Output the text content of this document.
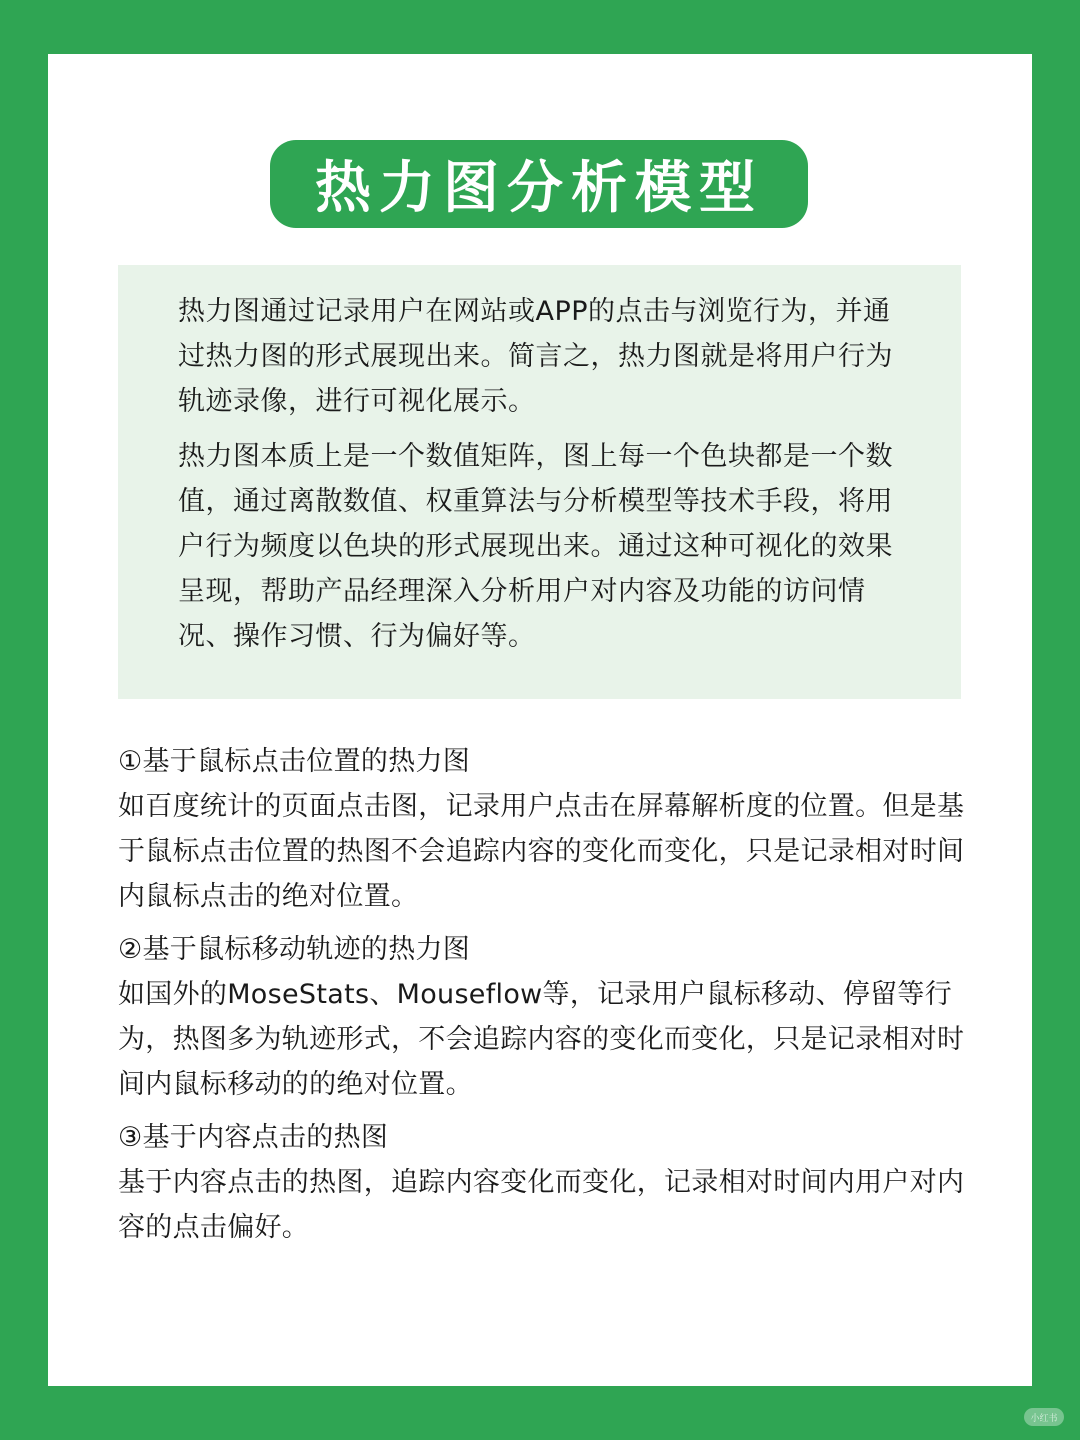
热力图分析模型

热力图通过记录用户在网站或APP的点击与浏览行为，并通过热力图的形式展现出来。简言之，热力图就是将用户行为轨迹录像，进行可视化展示。

热力图本质上是一个数值矩阵，图上每一个色块都是一个数值，通过离散数值、权重算法与分析模型等技术手段，将用户行为频度以色块的形式展现出来。通过这种可视化的效果呈现，帮助产品经理深入分析用户对内容及功能的访问情况、操作习惯、行为偏好等。

①基于鼠标点击位置的热力图

如百度统计的页面点击图，记录用户点击在屏幕解析度的位置。但是基于鼠标点击位置的热图不会追踪内容的变化而变化，只是记录相对时间内鼠标点击的绝对位置。

②基于鼠标移动轨迹的热力图

如国外的MoseStats、Mouseflow等，记录用户鼠标移动、停留等行为，热图多为轨迹形式，不会追踪内容的变化而变化，只是记录相对时间内鼠标移动的的绝对位置。

③基于内容点击的热图

基于内容点击的热图，追踪内容变化而变化，记录相对时间内用户对内容的点击偏好。

小红书
